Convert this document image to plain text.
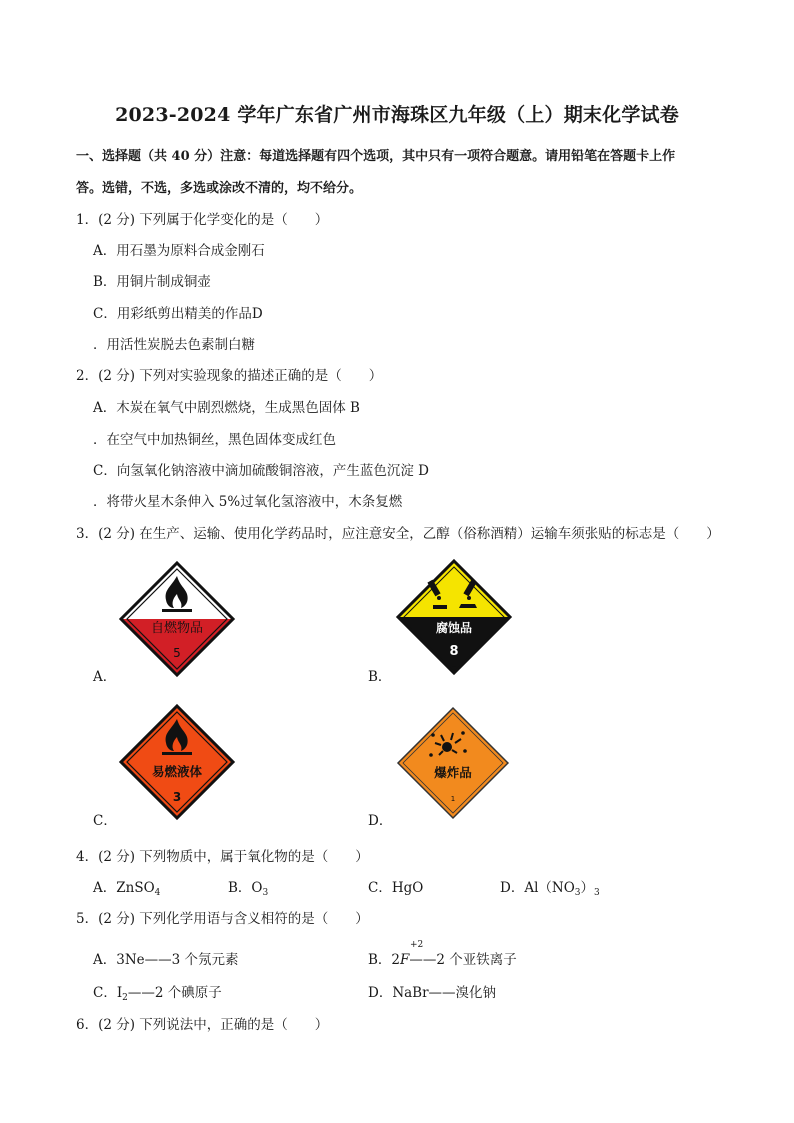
2023-2024 学年广东省广州市海珠区九年级（上）期末化学试卷
一、选择题（共 40 分）注意：每道选择题有四个选项，其中只有一项符合题意。请用铅笔在答题卡上作
答。选错，不选，多选或涂改不清的，均不给分。
1．(2 分) 下列属于化学变化的是（　　）
A．用石墨为原料合成金刚石
B．用铜片制成铜壶
C．用彩纸剪出精美的作品D
．用活性炭脱去色素制白糖
2．(2 分) 下列对实验现象的描述正确的是（　　）
A．木炭在氧气中剧烈燃烧，生成黑色固体 B
．在空气中加热铜丝，黑色固体变成红色
C．向氢氧化钠溶液中滴加硫酸铜溶液，产生蓝色沉淀 D
．将带火星木条伸入 5%过氧化氢溶液中，木条复燃
3．(2 分) 在生产、运输、使用化学药品时，应注意安全，乙醇（俗称酒精）运输车须张贴的标志是（　　）
自燃物品
5
A．
腐蚀品
8
B．
易燃液体
3
C．
爆炸品
1
D．
4．(2 分) 下列物质中，属于氧化物的是（　　）
A．ZnSO$_4$	B．$O_3$	C．HgO	D．$Al(NO_3)_3$
5．(2 分) 下列化学用语与含义相符的是（　　）
A．3Ne——3 个氖元素	B．2
+2
F——2 个亚铁离子
C．$I_2——2$ 个碘原子	D．NaBr——溴化钠
6．(2 分) 下列说法中，正确的是（　　）
